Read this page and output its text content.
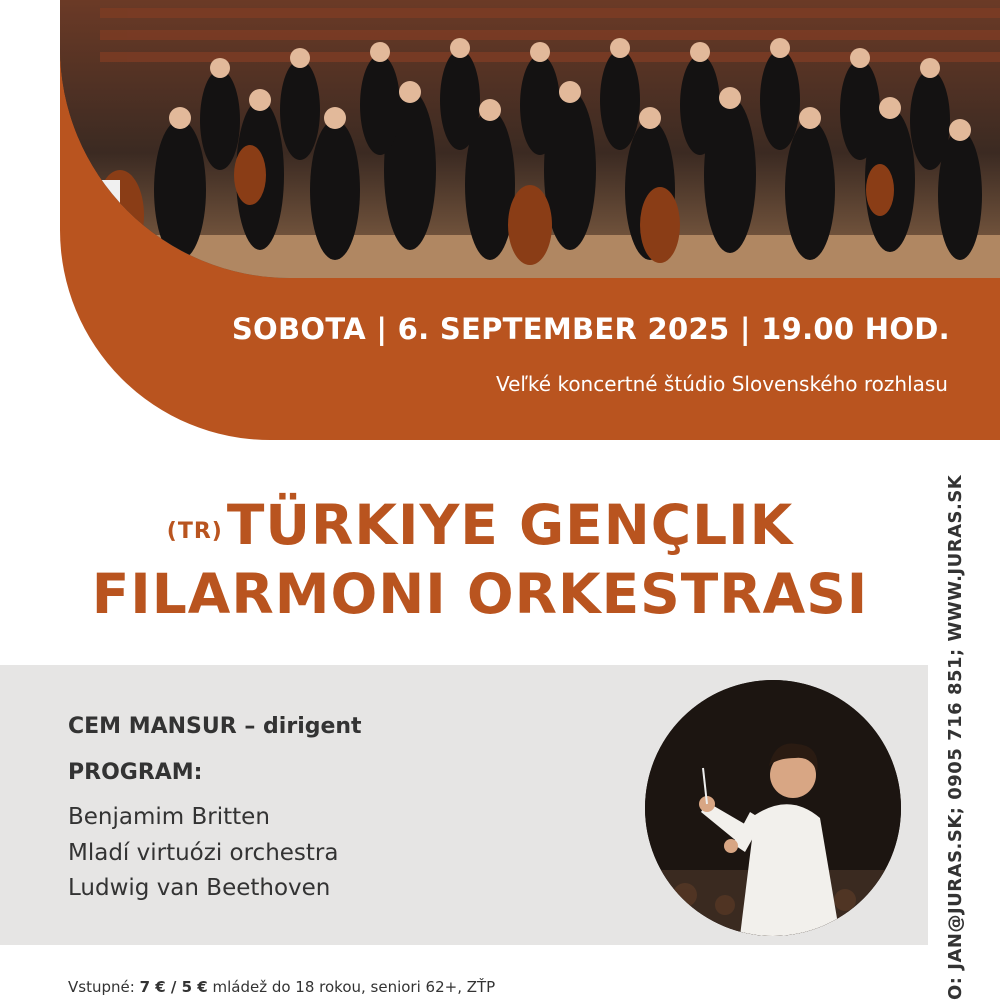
SOBOTA | 6. SEPTEMBER 2025 | 19.00 HOD.
Veľké koncertné štúdio Slovenského rozhlasu
(TR)TÜRKIYE GENÇLIK
FILARMONI ORKESTRASI
CEM MANSUR – dirigent
PROGRAM:
Benjamim Britten
Mladí virtuózi orchestra
Ludwig van Beethoven
Vstupné: 7 € / 5 € mládež do 18 rokou, seniori 62+, ZŤP	O: JAN@JURAS.SK; 0905 716 851; WWW.JURAS.SK
